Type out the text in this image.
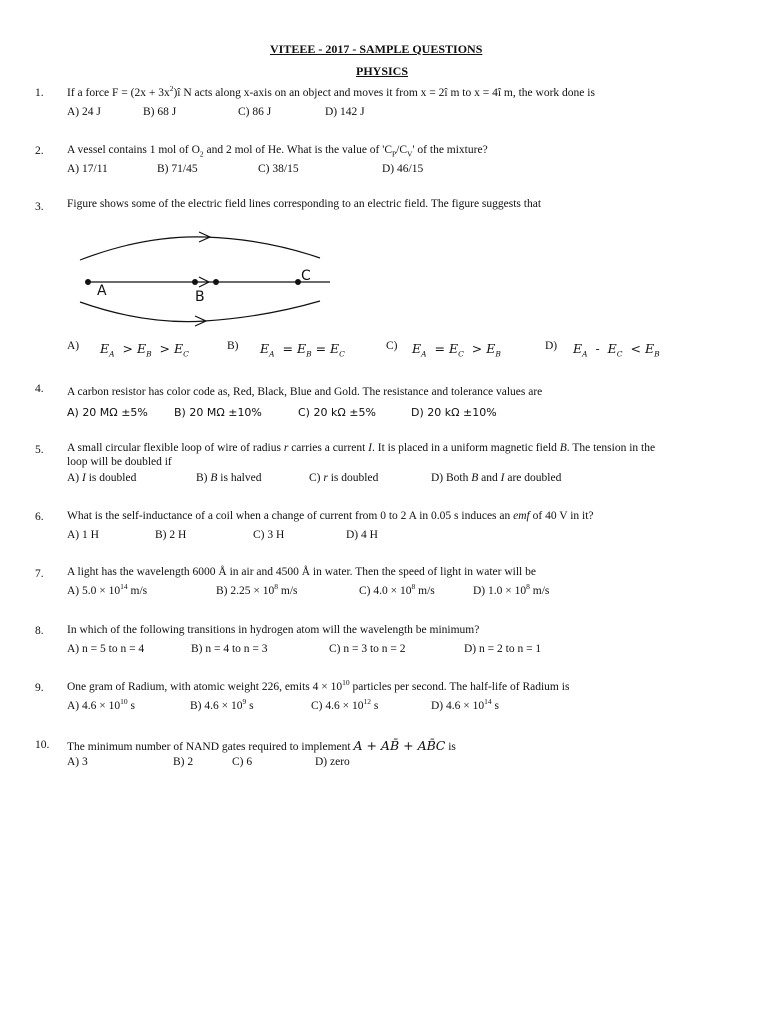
VITEEE - 2017 - SAMPLE QUESTIONS
PHYSICS
1. If a force $F = (2x + 3x^2)î$ N acts along x-axis on an object and moves it from x = 2î m to x = 4î m, the work done is
A) 24 J	B) 68 J	C) 86 J	D) 142 J
2. A vessel contains 1 mol of $O_2$ and 2 mol of He. What is the value of '$C_P/C_V$' of the mixture?
A) 17/11	B) 71/45	C) 38/15	D) 46/15
3. Figure shows some of the electric field lines corresponding to an electric field. The figure suggests that
A	B
C
A) $E_A > E_B > E_C$
B) $E_A = E_B = E_C$
C) $E_A = E_C > E_B$
D) $E_A - E_C < E_B$
4. A carbon resistor has color code as, Red, Black, Blue and Gold. The resistance and tolerance values are
A) 20 MΩ ±5% B) 20 MΩ ±10%	C) 20 kΩ ±5%	D) 20 kΩ ±10%
5. A small circular flexible loop of wire of radius r carries a current I. It is placed in a uniform magnetic field B. The tension in the
loop will be doubled if
A) I is doubled	B) B is halved	C) r is doubled	D) Both B and I are doubled
6. What is the self-inductance of a coil when a change of current from 0 to 2 A in 0.05 s induces an emf of 40 V in it?
A) 1 H	B) 2 H	C) 3 H	D) 4 H
7. A light has the wavelength 6000 Å in air and 4500 Å in water. Then the speed of light in water will be
A) $5.0 \times 10^{14}$ m/s	B) $2.25 \times 10^8$ m/s	C) $4.0 \times 10^8$ m/s	D) $1.0 \times 10^8$ m/s
8. In which of the following transitions in hydrogen atom will the wavelength be minimum?
A) n = 5 to n = 4	B) n = 4 to n = 3	C) n = 3 to n = 2	D) n = 2 to n = 1
9. One gram of Radium, with atomic weight 226, emits $4 \times 10^{10}$ particles per second. The half-life of Radium is
A) $4.6 \times 10^{10}$ s	B) $4.6 \times 10^9$ s	C) $4.6 \times 10^{12}$ s	D) $4.6 \times 10^{14}$ s
10. The minimum number of NAND gates required to implement A + AB̄ + AB̄C is
A) 3	B) 2	C) 6	D) zero
